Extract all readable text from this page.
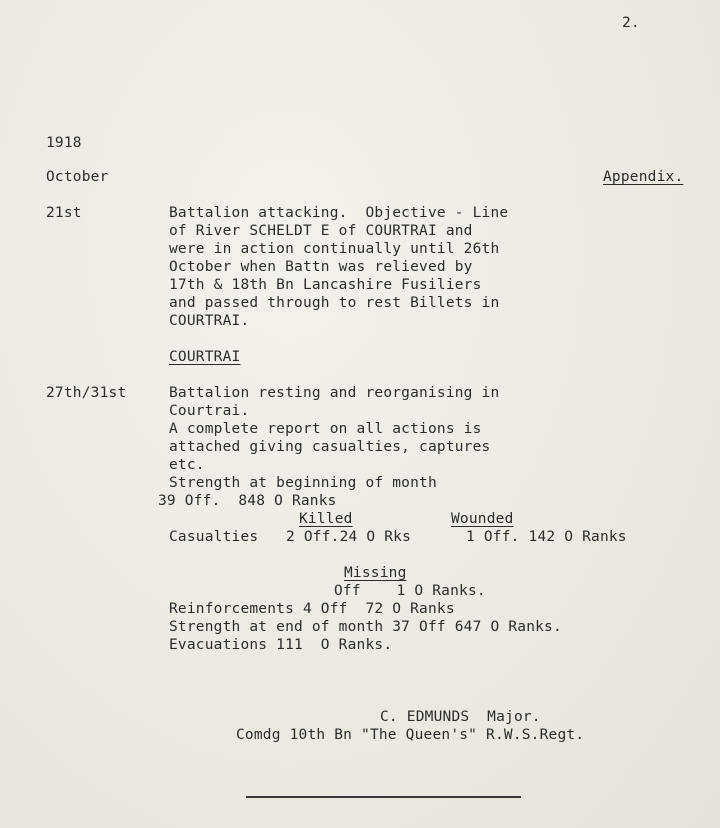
2.
1918
October	Appendix.
21st	Battalion attacking.  Objective - Line
of River SCHELDT E of COURTRAI and
were in action continually until 26th
October when Battn was relieved by
17th & 18th Bn Lancashire Fusiliers
and passed through to rest Billets in
COURTRAI.
COURTRAI
27th/31st	Battalion resting and reorganising in
Courtrai.
A complete report on all actions is
attached giving casualties, captures
etc.
Strength at beginning of month
39 Off.  848 O Ranks
Killed	Wounded
Casualties 2 Off.24 O Rks	1 Off. 142 O Ranks
Missing
Off    1 O Ranks.
Reinforcements 4 Off  72 O Ranks
Strength at end of month 37 Off 647 O Ranks.
Evacuations 111  O Ranks.
C. EDMUNDS  Major.
Comdg 10th Bn "The Queen's" R.W.S.Regt.
